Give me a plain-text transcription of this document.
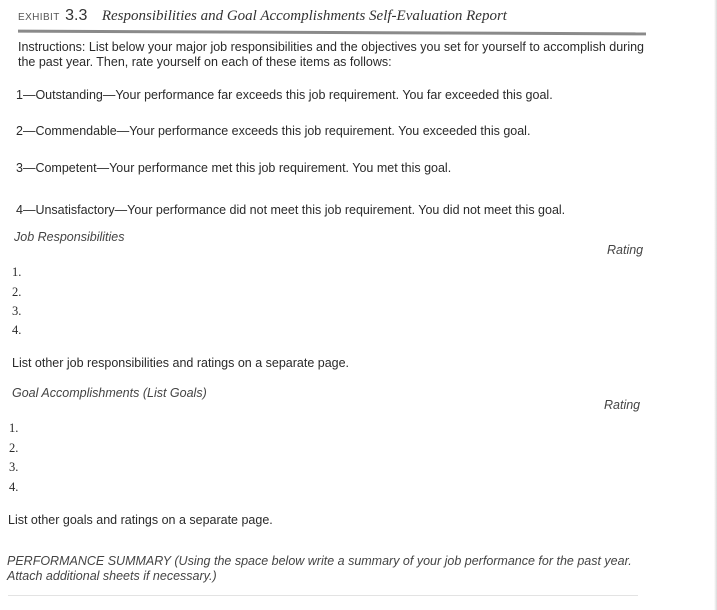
EXHIBIT 3.3 Responsibilities and Goal Accomplishments Self-Evaluation Report
Instructions: List below your major job responsibilities and the objectives you set for yourself to accomplish during the past year. Then, rate yourself on each of these items as follows:
1—Outstanding—Your performance far exceeds this job requirement. You far exceeded this goal.
2—Commendable—Your performance exceeds this job requirement. You exceeded this goal.
3—Competent—Your performance met this job requirement. You met this goal.
4—Unsatisfactory—Your performance did not meet this job requirement. You did not meet this goal.
Job Responsibilities
Rating
1.
2.
3.
4.
List other job responsibilities and ratings on a separate page.
Goal Accomplishments (List Goals)
Rating
1.
2.
3.
4.
List other goals and ratings on a separate page.
PERFORMANCE SUMMARY (Using the space below write a summary of your job performance for the past year. Attach additional sheets if necessary.)
